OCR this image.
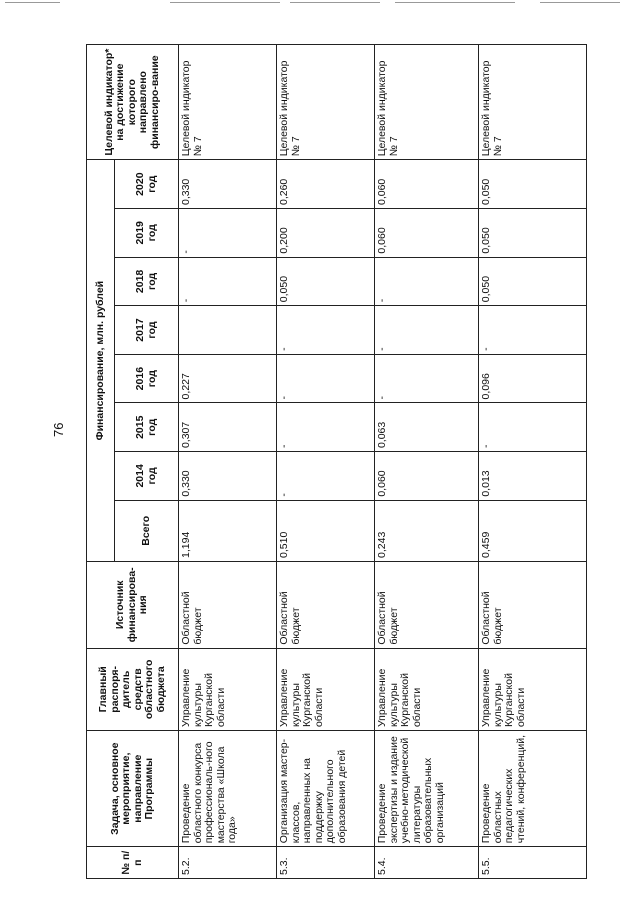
76
№ п/п	Задача, основное мероприятие, направление Программы	Главный распоря-дитель средств областного бюджета	Источник финансирова-ния	Финансирование, млн. рублей								Целевой индикатор* на достижение которого направлено финансиро-вание
				Всего	2014 год	2015 год	2016 год	2017 год	2018 год	2019 год	2020 год	
5.2.	Проведение областного конкурса профессиональ-ного мастерства «Школа года»	Управление культуры Курганской области	Областной бюджет	1,194	0,330	0,307	0,227		-	-	0,330	Целевой индикатор № 7
5.3.	Организация мастер-классов, направленных на поддержку дополнительного образования детей	Управление культуры Курганской области	Областной бюджет	0,510	-	-	-	-	0,050	0,200	0,260	Целевой индикатор № 7
5.4.	Проведение экспертизы и издание учебно-методической литературы образовательных организаций	Управление культуры Курганской области	Областной бюджет	0,243	0,060	0,063	-	-	-	0,060	0,060	Целевой индикатор № 7
5.5.	Проведение областных педагогических чтений, конференций,	Управление культуры Курганской области	Областной бюджет	0,459	0,013	-	0,096	-	0,050	0,050	0,050	Целевой индикатор № 7
